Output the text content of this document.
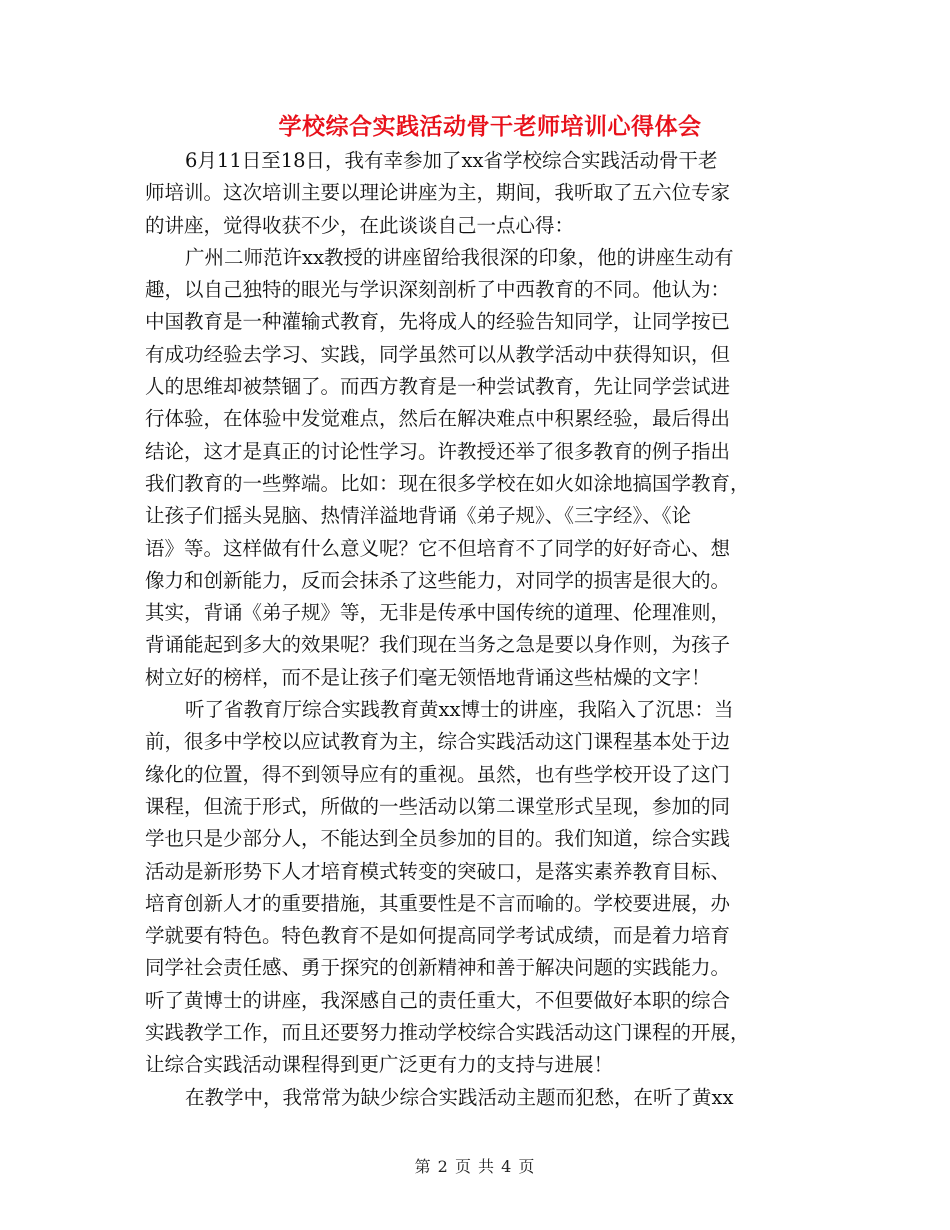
学校综合实践活动骨干老师培训心得体会
6月11日至18日，我有幸参加了xx省学校综合实践活动骨干老
师培训。这次培训主要以理论讲座为主，期间，我听取了五六位专家
的讲座，觉得收获不少，在此谈谈自己一点心得：
广州二师范许xx教授的讲座留给我很深的印象，他的讲座生动有
趣，以自己独特的眼光与学识深刻剖析了中西教育的不同。他认为：
中国教育是一种灌输式教育，先将成人的经验告知同学，让同学按已
有成功经验去学习、实践，同学虽然可以从教学活动中获得知识，但
人的思维却被禁锢了。而西方教育是一种尝试教育，先让同学尝试进
行体验，在体验中发觉难点，然后在解决难点中积累经验，最后得出
结论，这才是真正的讨论性学习。许教授还举了很多教育的例子指出
我们教育的一些弊端。比如：现在很多学校在如火如涂地搞国学教育，
让孩子们摇头晃脑、热情洋溢地背诵《弟子规》、《三字经》、《论
语》等。这样做有什么意义呢？它不但培育不了同学的好好奇心、想
像力和创新能力，反而会抹杀了这些能力，对同学的损害是很大的。
其实，背诵《弟子规》等，无非是传承中国传统的道理、伦理准则，
背诵能起到多大的效果呢？我们现在当务之急是要以身作则，为孩子
树立好的榜样，而不是让孩子们毫无领悟地背诵这些枯燥的文字！
听了省教育厅综合实践教育黄xx博士的讲座，我陷入了沉思：当
前，很多中学校以应试教育为主，综合实践活动这门课程基本处于边
缘化的位置，得不到领导应有的重视。虽然，也有些学校开设了这门
课程，但流于形式，所做的一些活动以第二课堂形式呈现，参加的同
学也只是少部分人，不能达到全员参加的目的。我们知道，综合实践
活动是新形势下人才培育模式转变的突破口，是落实素养教育目标、
培育创新人才的重要措施，其重要性是不言而喻的。学校要进展，办
学就要有特色。特色教育不是如何提高同学考试成绩，而是着力培育
同学社会责任感、勇于探究的创新精神和善于解决问题的实践能力。
听了黄博士的讲座，我深感自己的责任重大，不但要做好本职的综合
实践教学工作，而且还要努力推动学校综合实践活动这门课程的开展，
让综合实践活动课程得到更广泛更有力的支持与进展！
在教学中，我常常为缺少综合实践活动主题而犯愁，在听了黄xx
第 2 页 共 4 页
